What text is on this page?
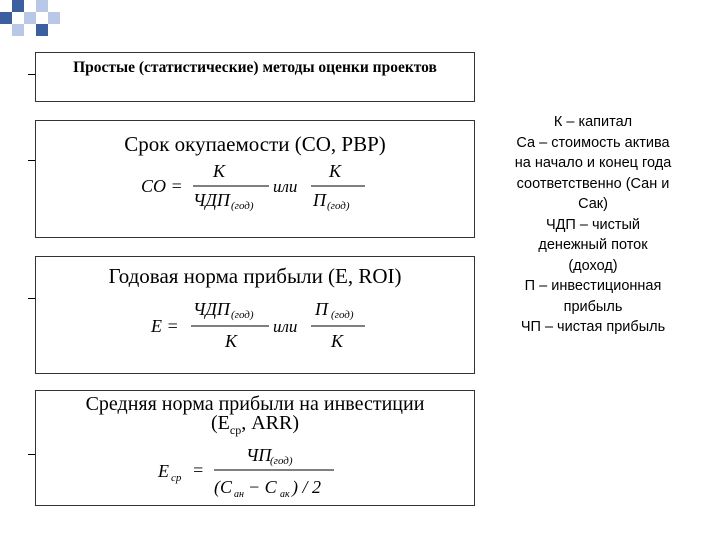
Простые (статистические) методы оценки проектов
Срок окупаемости (СО, PBP)
СО =
К
ЧДП (год)
или
К
П (год)
Годовая норма прибыли (E, ROI)
E =
ЧДП (год)
К
или
П (год)
К
Средняя норма прибыли на инвестиции
($E_{ср}$, ARR)
E ср =
ЧП
(год)
(C ан − C ак ) / 2
К – капитал
Са – стоимость актива
на начало и конец года
соответственно (Сан и
Сак)
ЧДП – чистый
денежный поток
(доход)
П – инвестиционная
прибыль
ЧП – чистая прибыль
